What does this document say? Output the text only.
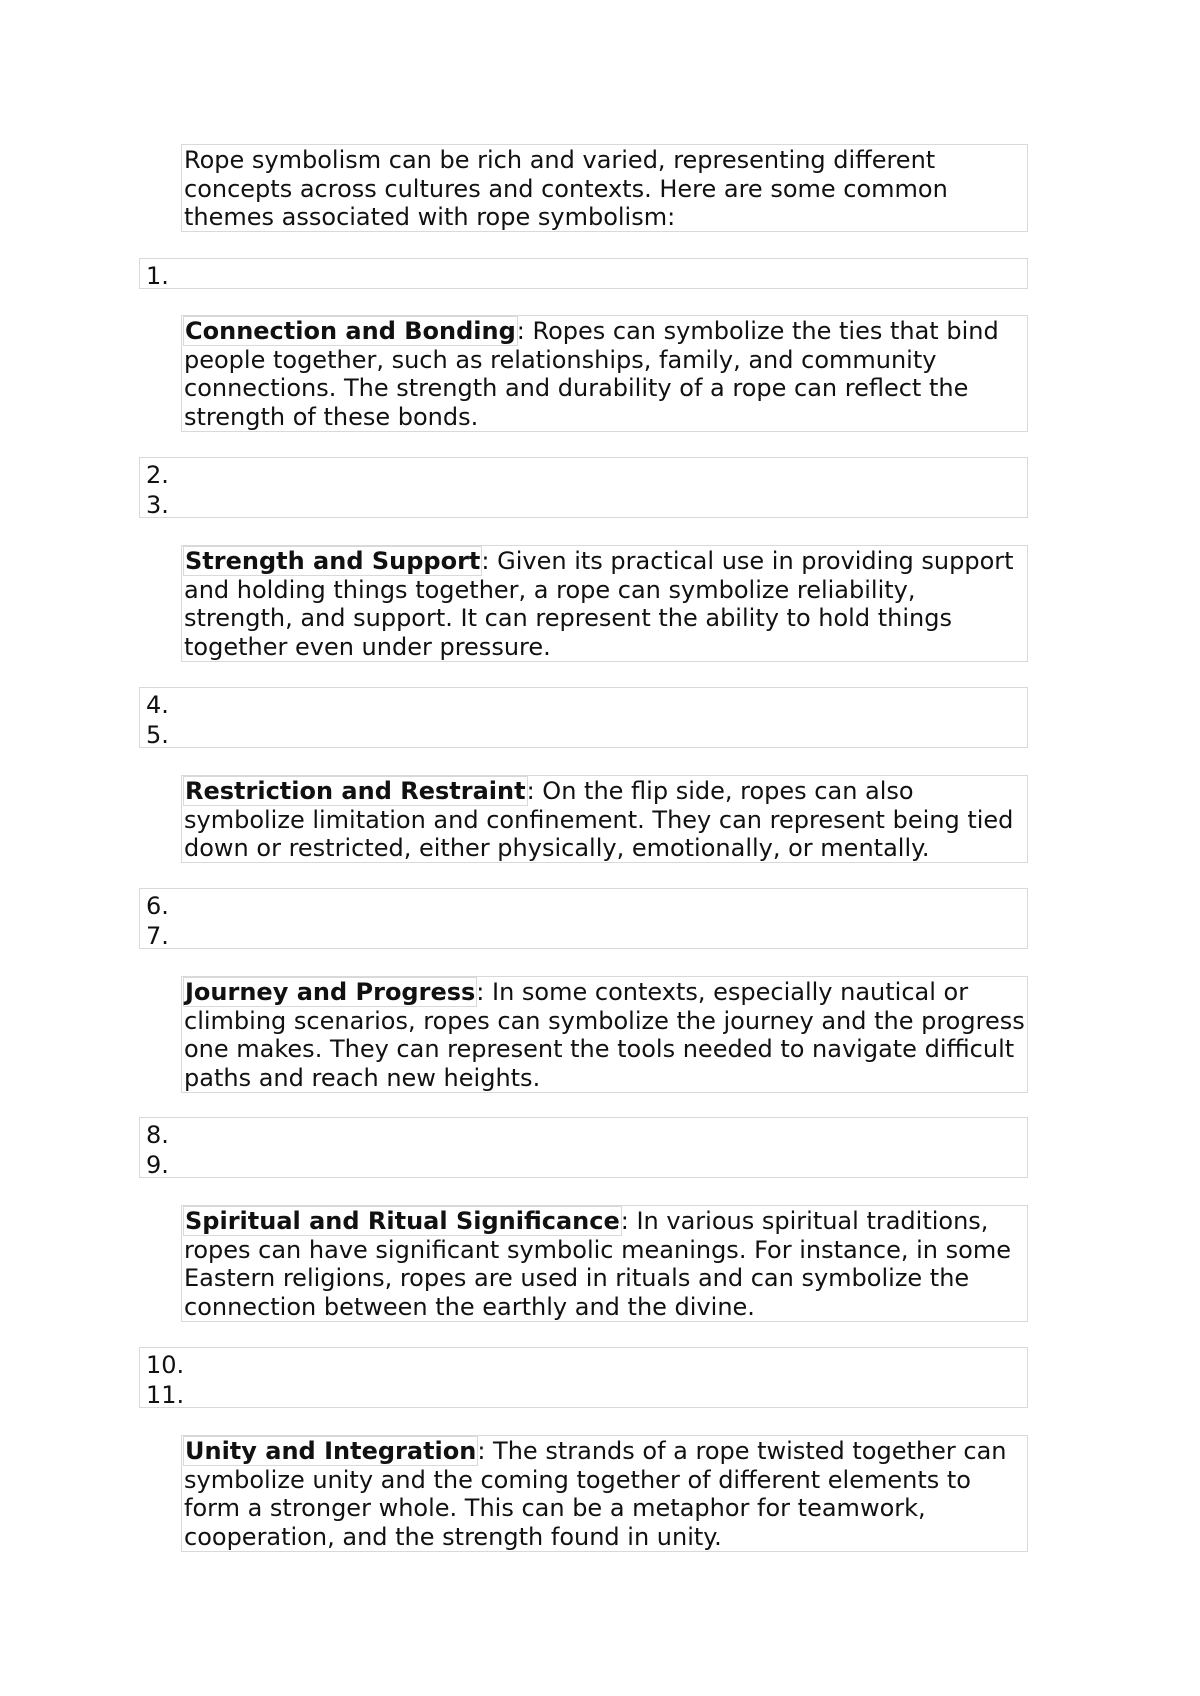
Rope symbolism can be rich and varied, representing different concepts across cultures and contexts. Here are some common themes associated with rope symbolism:
1.
Connection and Bonding: Ropes can symbolize the ties that bind people together, such as relationships, family, and community connections. The strength and durability of a rope can reflect the strength of these bonds.
2.
3.
Strength and Support: Given its practical use in providing support and holding things together, a rope can symbolize reliability, strength, and support. It can represent the ability to hold things together even under pressure.
4.
5.
Restriction and Restraint: On the flip side, ropes can also symbolize limitation and confinement. They can represent being tied down or restricted, either physically, emotionally, or mentally.
6.
7.
Journey and Progress: In some contexts, especially nautical or climbing scenarios, ropes can symbolize the journey and the progress one makes. They can represent the tools needed to navigate difficult paths and reach new heights.
8.
9.
Spiritual and Ritual Significance: In various spiritual traditions, ropes can have significant symbolic meanings. For instance, in some Eastern religions, ropes are used in rituals and can symbolize the connection between the earthly and the divine.
10.
11.
Unity and Integration: The strands of a rope twisted together can symbolize unity and the coming together of different elements to form a stronger whole. This can be a metaphor for teamwork, cooperation, and the strength found in unity.
